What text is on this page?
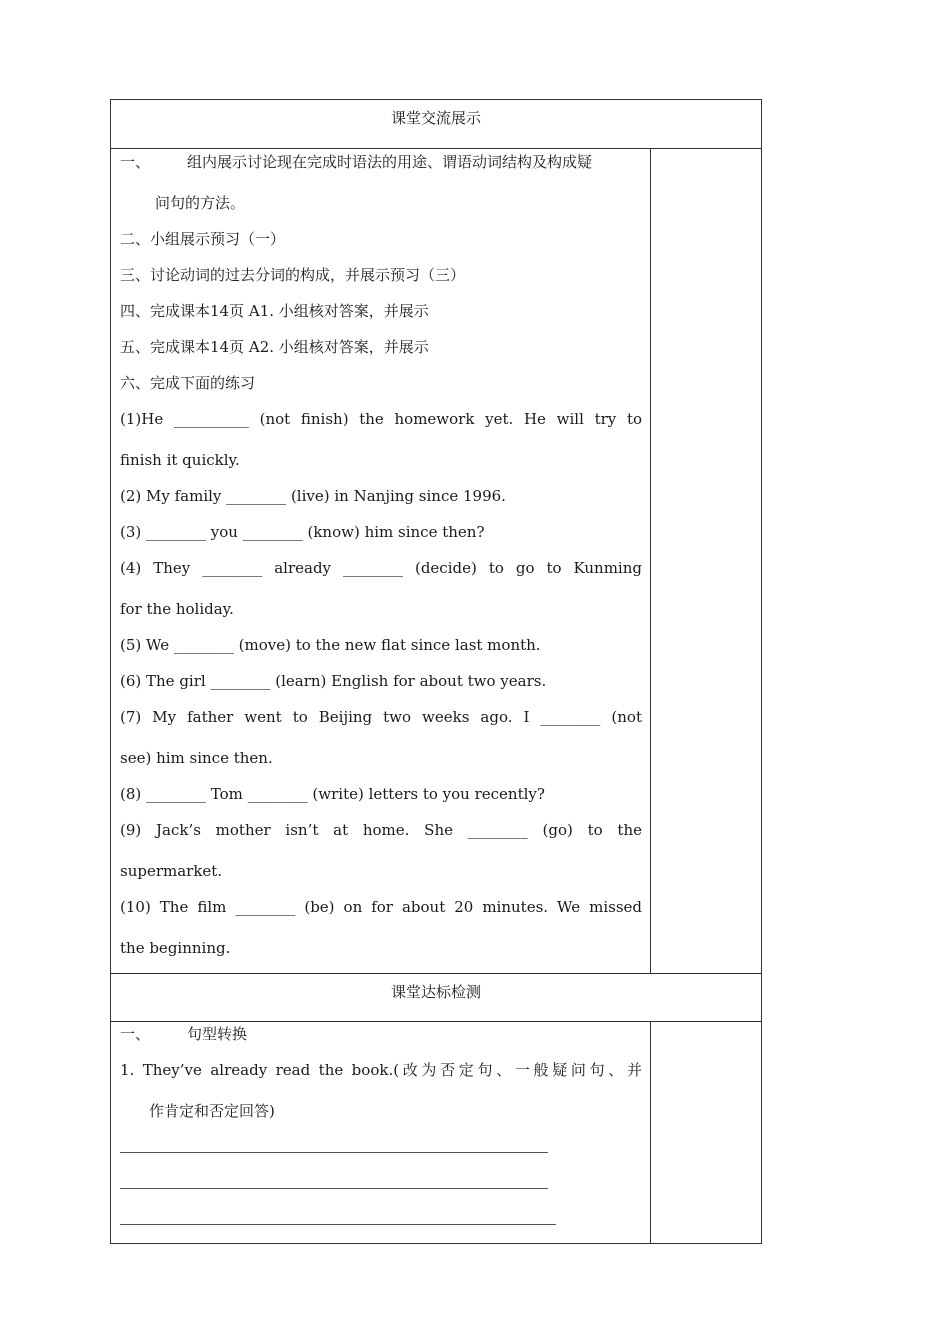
课堂交流展示
一、	组内展示讨论现在完成时语法的用途、谓语动词结构及构成疑
问句的方法。
二、小组展示预习（一）
三、讨论动词的过去分词的构成，并展示预习（三）
四、完成课本14页 A1. 小组核对答案，并展示
五、完成课本14页 A2. 小组核对答案，并展示
六、完成下面的练习
(1)He __________ (not finish) the homework yet. He will try to
finish it quickly.
(2) My family ________ (live) in Nanjing since 1996.
(3) ________ you ________ (know) him since then?
(4) They ________ already ________ (decide) to go to Kunming
for the holiday.
(5) We ________ (move) to the new flat since last month.
(6) The girl ________ (learn) English for about two years.
(7) My father went to Beijing two weeks ago. I ________ (not
see) him since then.
(8) ________ Tom ________ (write) letters to you recently?
(9) Jack’s mother isn’t at home. She ________ (go) to the
supermarket.
(10) The film ________ (be) on for about 20 minutes. We missed
the beginning.
课堂达标检测
一、	句型转换
1. They’ve already read the book.(改为否定句、一般疑问句、并
作肯定和否定回答)
